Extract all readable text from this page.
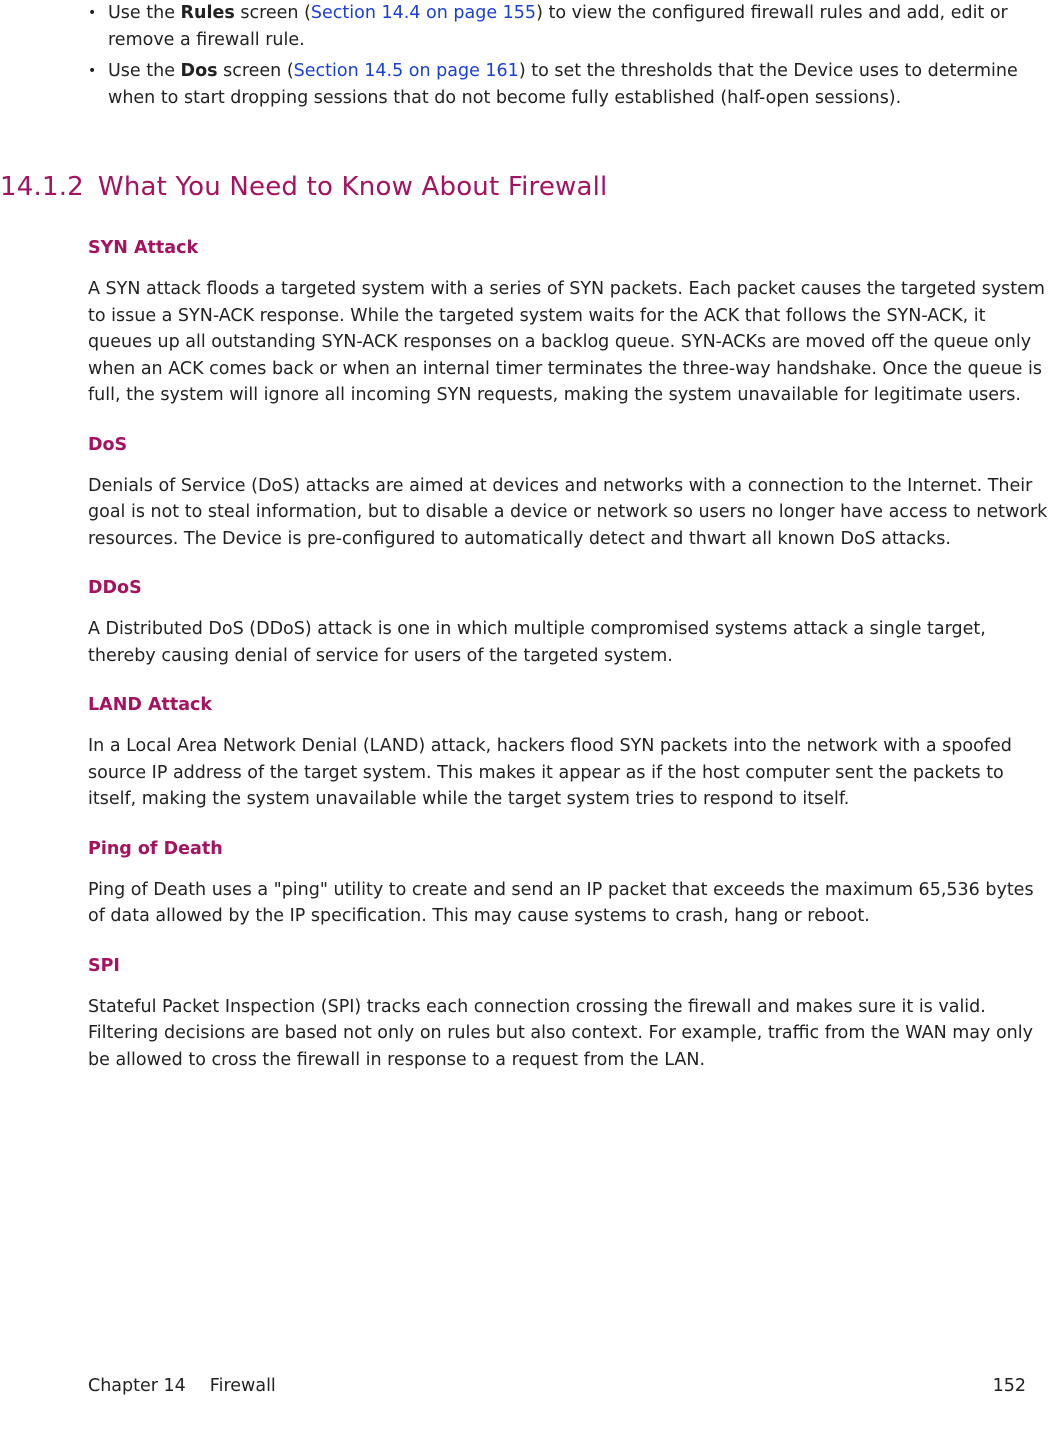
• Use the Rules screen (Section 14.4 on page 155) to view the configured firewall rules and add, edit or remove a firewall rule.
• Use the Dos screen (Section 14.5 on page 161) to set the thresholds that the Device uses to determine when to start dropping sessions that do not become fully established (half-open sessions).
14.1.2 What You Need to Know About Firewall

SYN Attack

A SYN attack floods a targeted system with a series of SYN packets. Each packet causes the targeted system to issue a SYN-ACK response. While the targeted system waits for the ACK that follows the SYN-ACK, it queues up all outstanding SYN-ACK responses on a backlog queue. SYN-ACKs are moved off the queue only when an ACK comes back or when an internal timer terminates the three-way handshake. Once the queue is full, the system will ignore all incoming SYN requests, making the system unavailable for legitimate users.

DoS

Denials of Service (DoS) attacks are aimed at devices and networks with a connection to the Internet. Their goal is not to steal information, but to disable a device or network so users no longer have access to network resources. The Device is pre-configured to automatically detect and thwart all known DoS attacks.

DDoS

A Distributed DoS (DDoS) attack is one in which multiple compromised systems attack a single target, thereby causing denial of service for users of the targeted system.

LAND Attack

In a Local Area Network Denial (LAND) attack, hackers flood SYN packets into the network with a spoofed source IP address of the target system. This makes it appear as if the host computer sent the packets to itself, making the system unavailable while the target system tries to respond to itself.

Ping of Death

Ping of Death uses a "ping" utility to create and send an IP packet that exceeds the maximum 65,536 bytes of data allowed by the IP specification. This may cause systems to crash, hang or reboot.

SPI

Stateful Packet Inspection (SPI) tracks each connection crossing the firewall and makes sure it is valid. Filtering decisions are based not only on rules but also context. For example, traffic from the WAN may only be allowed to cross the firewall in response to a request from the LAN.

Chapter 14 Firewall	152
